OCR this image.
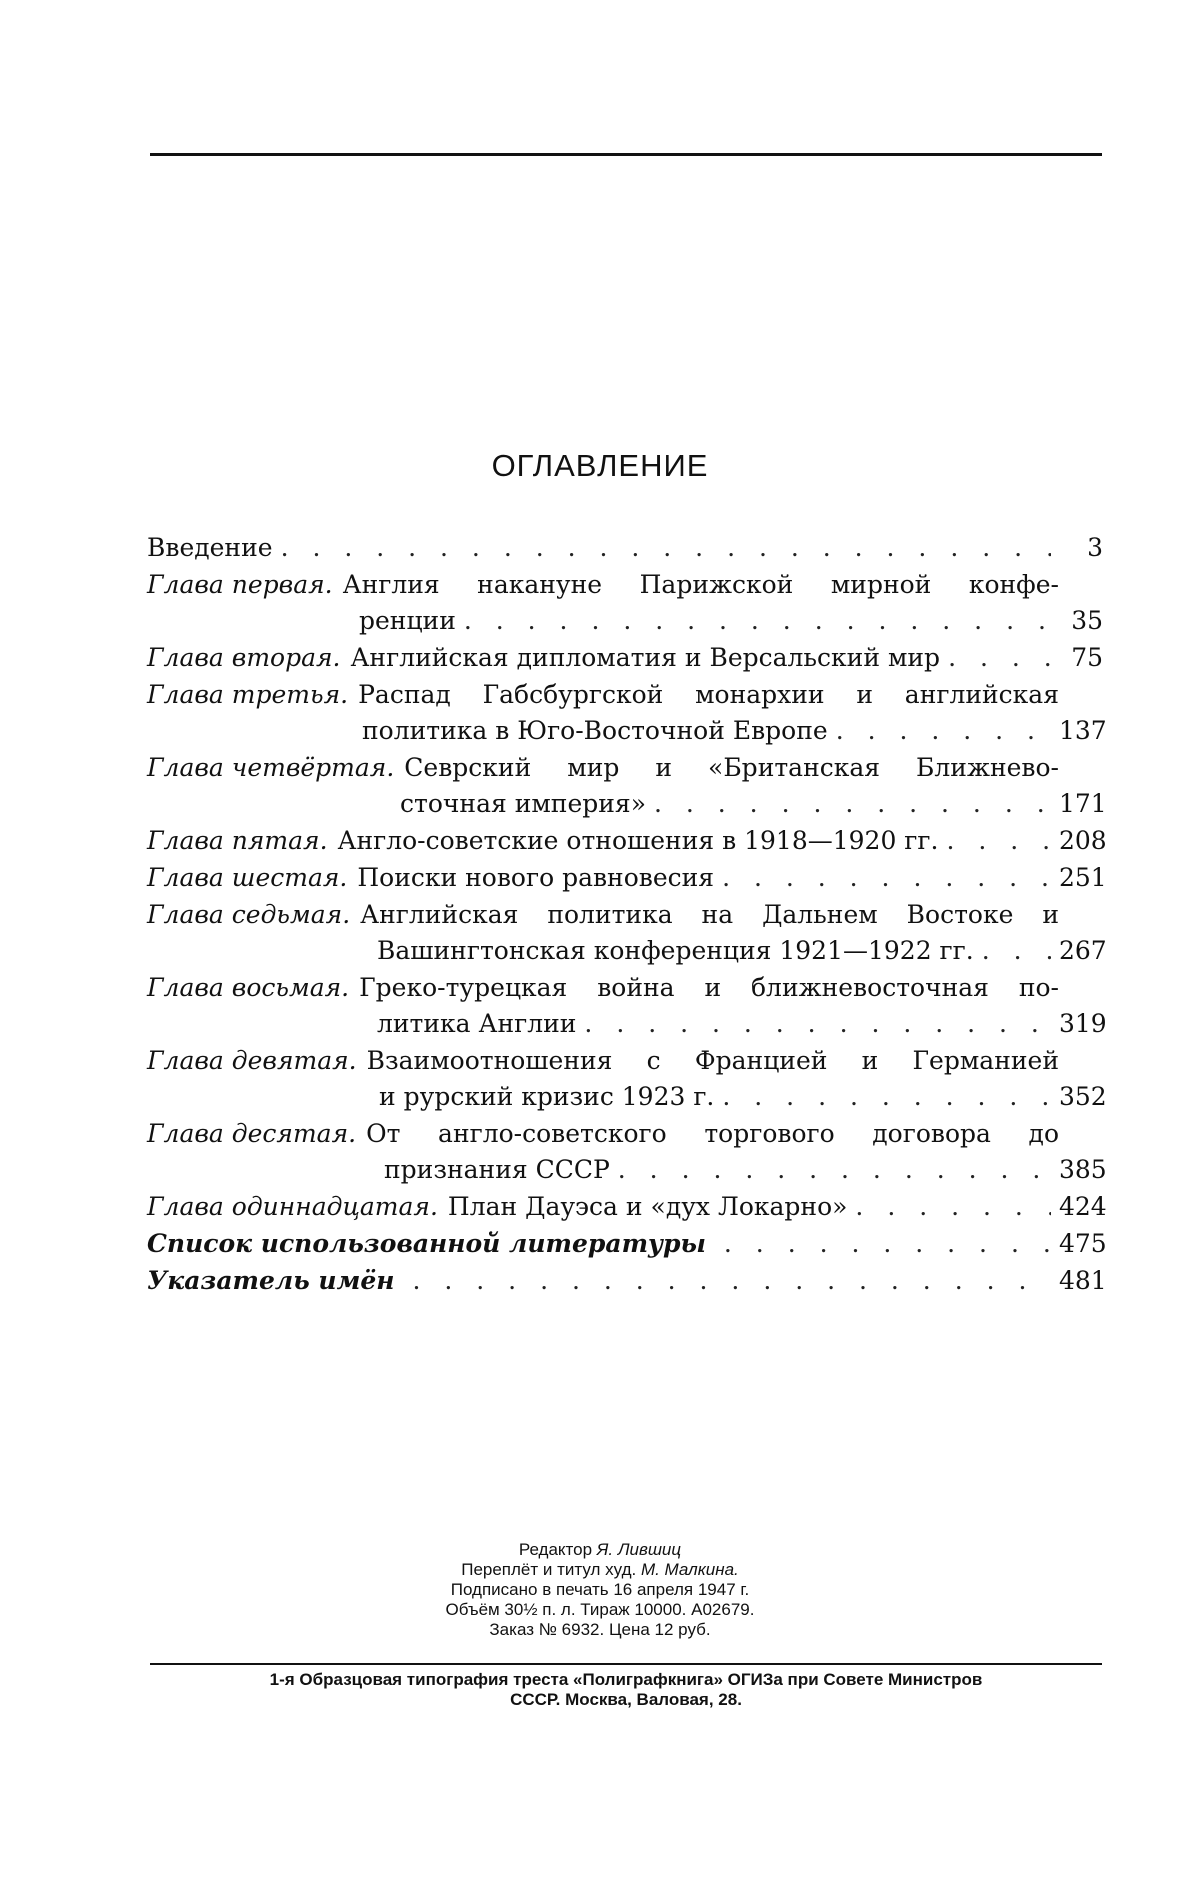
ОГЛАВЛЕНИЕ
Введение . . .	3
Глава первая. Англия накануне Парижской мирной конфе-
ренции . . .	35
Глава вторая. Английская дипломатия и Версальский мир . . .	75
Глава третья. Распад Габсбургской монархии и английская
политика в Юго-Восточной Европе . . .	137
Глава четвёртая. Севрский мир и «Британская Ближнево-
сточная империя» . . .	171
Глава пятая. Англо-советские отношения в 1918—1920 гг. . . .	208
Глава шестая. Поиски нового равновесия . . .	251
Глава седьмая. Английская политика на Дальнем Востоке и
Вашингтонская конференция 1921—1922 гг. . . .	267
Глава восьмая. Греко-турецкая война и ближневосточная по-
литика Англии . . .	319
Глава девятая. Взаимоотношения с Францией и Германией
и рурский кризис 1923 г. . . .	352
Глава десятая. От англо-советского торгового договора до
признания СССР . . .	385
Глава одиннадцатая. План Дауэса и «дух Локарно» . . .	424
Список использованной литературы . . .	475
Указатель имён . . .	481
Редактор Я. Лившиц
Переплёт и титул худ. М. Малкина.
Подписано в печать 16 апреля 1947 г.
Объём 30½ п. л. Тираж 10000. А02679.
Заказ № 6932. Цена 12 руб.
1-я Образцовая типография треста «Полиграфкнига» ОГИЗа при Совете Министров
СССР. Москва, Валовая, 28.
